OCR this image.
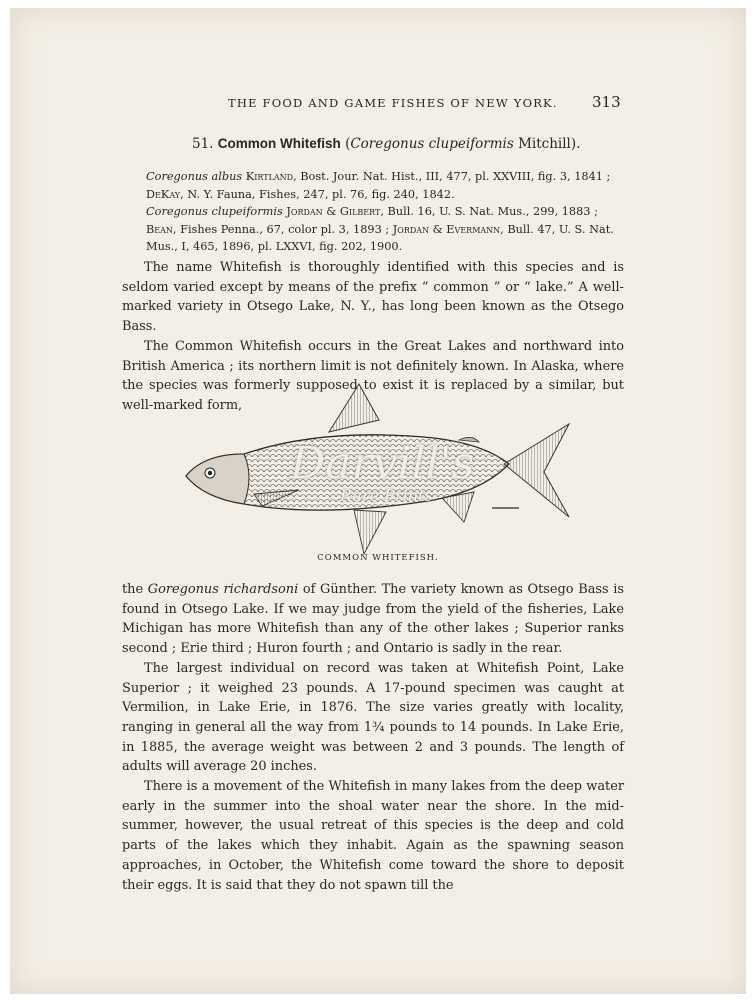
THE FOOD AND GAME FISHES OF NEW YORK. 313
51. Common Whitefish (Coregonus clupeiformis Mitchill).
Coregonus albus Kirtland, Bost. Jour. Nat. Hist., III, 477, pl. XXVIII, fig. 3, 1841 ; DeKay, N. Y. Fauna, Fishes, 247, pl. 76, fig. 240, 1842.
Coregonus clupeiformis Jordan & Gilbert, Bull. 16, U. S. Nat. Mus., 299, 1883 ; Bean, Fishes Penna., 67, color pl. 3, 1893 ; Jordan & Evermann, Bull. 47, U. S. Nat. Mus., I, 465, 1896, pl. LXXVI, fig. 202, 1900.

The name Whitefish is thoroughly identified with this species and is seldom varied except by means of the prefix “ common ” or “ lake.” A well-marked variety in Otsego Lake, N. Y., has long been known as the Otsego Bass.

The Common Whitefish occurs in the Great Lakes and northward into British America ; its northern limit is not definitely known. In Alaska, where the species was formerly supposed to exist it is replaced by a similar, but well-marked form,

Darvill's
Rare Prints
COMMON WHITEFISH.

the Goregonus richardsoni of Günther. The variety known as Otsego Bass is found in Otsego Lake. If we may judge from the yield of the fisheries, Lake Michigan has more Whitefish than any of the other lakes ; Superior ranks second ; Erie third ; Huron fourth ; and Ontario is sadly in the rear.

The largest individual on record was taken at Whitefish Point, Lake Superior ; it weighed 23 pounds. A 17-pound specimen was caught at Vermilion, in Lake Erie, in 1876. The size varies greatly with locality, ranging in general all the way from 1¾ pounds to 14 pounds. In Lake Erie, in 1885, the average weight was between 2 and 3 pounds. The length of adults will average 20 inches.

There is a movement of the Whitefish in many lakes from the deep water early in the summer into the shoal water near the shore. In the mid-summer, however, the usual retreat of this species is the deep and cold parts of the lakes which they inhabit. Again as the spawning season approaches, in October, the Whitefish come toward the shore to deposit their eggs. It is said that they do not spawn till the
